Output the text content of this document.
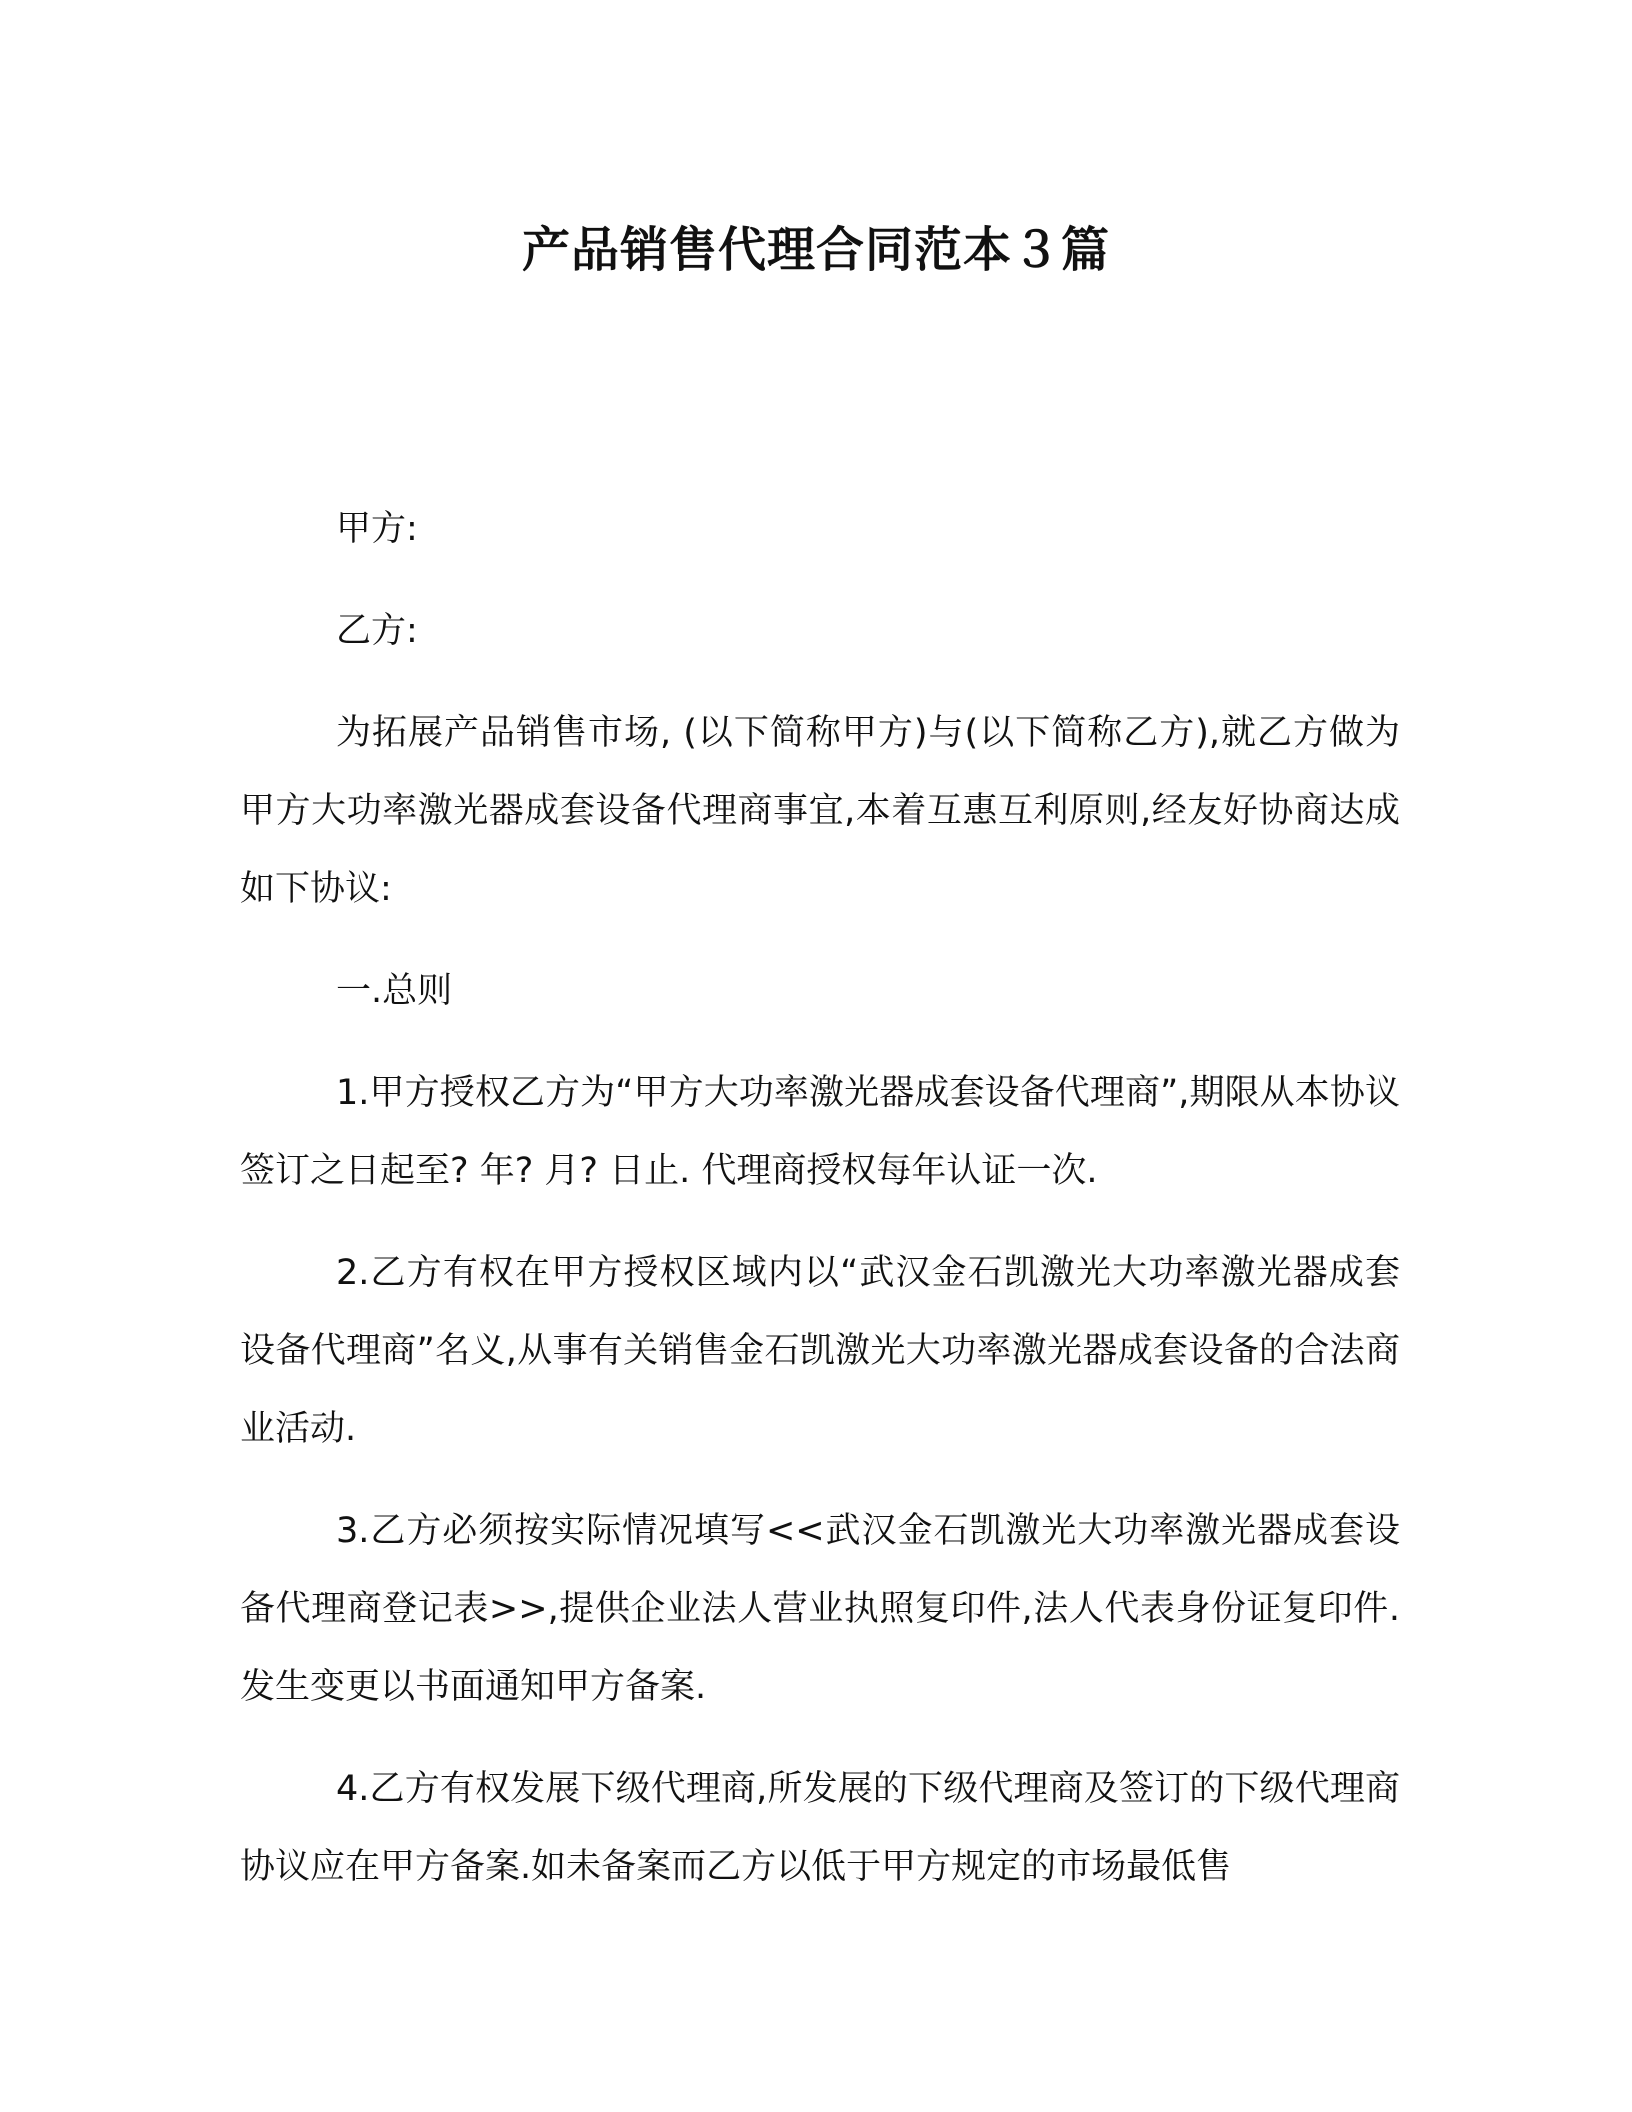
产品销售代理合同范本３篇

甲方:

乙方:

为拓展产品销售市场, (以下简称甲方)与(以下简称乙方),就乙方做为甲方大功率激光器成套设备代理商事宜,本着互惠互利原则,经友好协商达成如下协议:

一.总则

1.甲方授权乙方为“甲方大功率激光器成套设备代理商”,期限从本协议签订之日起至? 年? 月? 日止. 代理商授权每年认证一次.

2.乙方有权在甲方授权区域内以“武汉金石凯激光大功率激光器成套设备代理商”名义,从事有关销售金石凯激光大功率激光器成套设备的合法商业活动.

3.乙方必须按实际情况填写<<武汉金石凯激光大功率激光器成套设备代理商登记表>>,提供企业法人营业执照复印件,法人代表身份证复印件.发生变更以书面通知甲方备案.

4.乙方有权发展下级代理商,所发展的下级代理商及签订的下级代理商协议应在甲方备案.如未备案而乙方以低于甲方规定的市场最低售
